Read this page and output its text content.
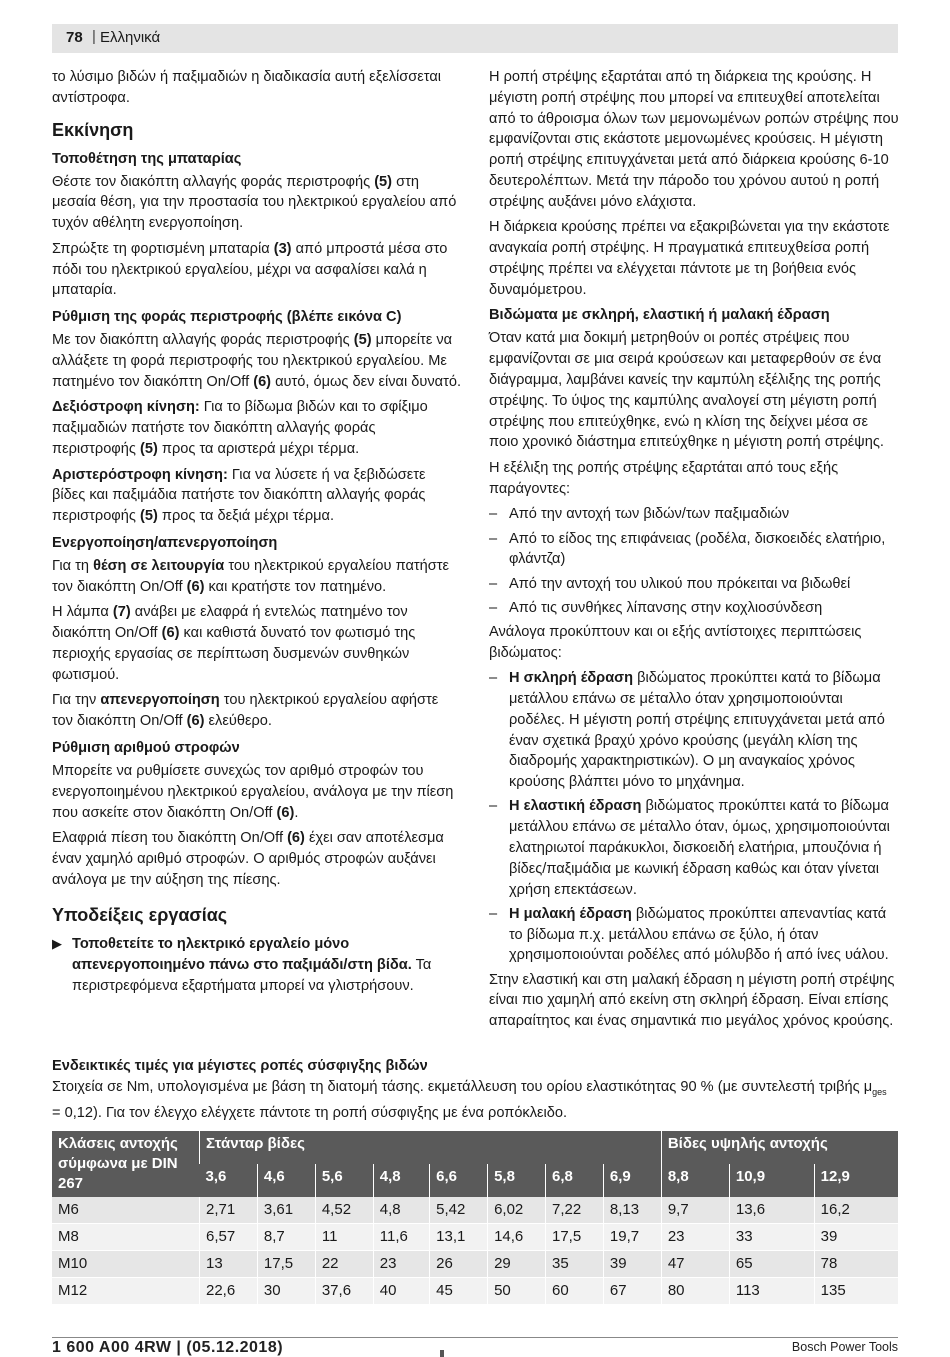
78 | Ελληνικά

το λύσιμο βιδών ή παξιμαδιών η διαδικασία αυτή εξελίσσεται αντίστροφα.

Εκκίνηση
Τοποθέτηση της μπαταρίας

Θέστε τον διακόπτη αλλαγής φοράς περιστροφής (5) στη μεσαία θέση, για την προστασία του ηλεκτρικού εργαλείου από τυχόν αθέλητη ενεργοποίηση.

Σπρώξτε τη φορτισμένη μπαταρία (3) από μπροστά μέσα στο πόδι του ηλεκτρικού εργαλείου, μέχρι να ασφαλίσει καλά η μπαταρία.

Ρύθμιση της φοράς περιστροφής (βλέπε εικόνα C)

Με τον διακόπτη αλλαγής φοράς περιστροφής (5) μπορείτε να αλλάξετε τη φορά περιστροφής του ηλεκτρικού εργαλείου. Με πατημένο τον διακόπτη On/Off (6) αυτό, όμως δεν είναι δυνατό.

Δεξιόστροφη κίνηση: Για το βίδωμα βιδών και το σφίξιμο παξιμαδιών πατήστε τον διακόπτη αλλαγής φοράς περιστροφής (5) προς τα αριστερά μέχρι τέρμα.

Αριστερόστροφη κίνηση: Για να λύσετε ή να ξεβιδώσετε βίδες και παξιμάδια πατήστε τον διακόπτη αλλαγής φοράς περιστροφής (5) προς τα δεξιά μέχρι τέρμα.

Ενεργοποίηση/απενεργοποίηση

Για τη θέση σε λειτουργία του ηλεκτρικού εργαλείου πατήστε τον διακόπτη On/Off (6) και κρατήστε τον πατημένο.

Η λάμπα (7) ανάβει με ελαφρά ή εντελώς πατημένο τον διακόπτη On/Off (6) και καθιστά δυνατό τον φωτισμό της περιοχής εργασίας σε περίπτωση δυσμενών συνθηκών φωτισμού.

Για την απενεργοποίηση του ηλεκτρικού εργαλείου αφήστε τον διακόπτη On/Off (6) ελεύθερο.

Ρύθμιση αριθμού στροφών

Μπορείτε να ρυθμίσετε συνεχώς τον αριθμό στροφών του ενεργοποιημένου ηλεκτρικού εργαλείου, ανάλογα με την πίεση που ασκείτε στον διακόπτη On/Off (6).

Ελαφριά πίεση του διακόπτη On/Off (6) έχει σαν αποτέλεσμα έναν χαμηλό αριθμό στροφών. Ο αριθμός στροφών αυξάνει ανάλογα με την αύξηση της πίεσης.

Υποδείξεις εργασίας

▶ Τοποθετείτε το ηλεκτρικό εργαλείο μόνο απενεργοποιημένο πάνω στο παξιμάδι/στη βίδα. Τα περιστρεφόμενα εξαρτήματα μπορεί να γλιστρήσουν.

Η ροπή στρέψης εξαρτάται από τη διάρκεια της κρούσης. Η μέγιστη ροπή στρέψης που μπορεί να επιτευχθεί αποτελείται από το άθροισμα όλων των μεμονωμένων ροπών στρέψης που εμφανίζονται στις εκάστοτε μεμονωμένες κρούσεις. Η μέγιστη ροπή στρέψης επιτυγχάνεται μετά από διάρκεια κρούσης 6-10 δευτερολέπτων. Μετά την πάροδο του χρόνου αυτού η ροπή στρέψης αυξάνει μόνο ελάχιστα.

Η διάρκεια κρούσης πρέπει να εξακριβώνεται για την εκάστοτε αναγκαία ροπή στρέψης. Η πραγματικά επιτευχθείσα ροπή στρέψης πρέπει να ελέγχεται πάντοτε με τη βοήθεια ενός δυναμόμετρου.

Βιδώματα με σκληρή, ελαστική ή μαλακή έδραση

Όταν κατά μια δοκιμή μετρηθούν οι ροπές στρέψεις που εμφανίζονται σε μια σειρά κρούσεων και μεταφερθούν σε ένα διάγραμμα, λαμβάνει κανείς την καμπύλη εξέλιξης της ροπής στρέψης. Το ύψος της καμπύλης αναλογεί στη μέγιστη ροπή στρέψης που επιτεύχθηκε, ενώ η κλίση της δείχνει μέσα σε ποιο χρονικό διάστημα επιτεύχθηκε η μέγιστη ροπή στρέψης.

Η εξέλιξη της ροπής στρέψης εξαρτάται από τους εξής παράγοντες:

– Από την αντοχή των βιδών/των παξιμαδιών
– Από το είδος της επιφάνειας (ροδέλα, δισκοειδές ελατήριο, φλάντζα)
– Από την αντοχή του υλικού που πρόκειται να βιδωθεί
– Από τις συνθήκες λίπανσης στην κοχλιοσύνδεση

Ανάλογα προκύπτουν και οι εξής αντίστοιχες περιπτώσεις βιδώματος:

– Η σκληρή έδραση βιδώματος προκύπτει κατά το βίδωμα μετάλλου επάνω σε μέταλλο όταν χρησιμοποιούνται ροδέλες. Η μέγιστη ροπή στρέψης επιτυγχάνεται μετά από έναν σχετικά βραχύ χρόνο κρούσης (μεγάλη κλίση της διαδρομής χαρακτηριστικών). Ο μη αναγκαίος χρόνος κρούσης βλάπτει μόνο το μηχάνημα.
– Η ελαστική έδραση βιδώματος προκύπτει κατά το βίδωμα μετάλλου επάνω σε μέταλλο όταν, όμως, χρησιμοποιούνται ελατηριωτοί παράκυκλοι, δισκοειδή ελατήρια, μπουζόνια ή βίδες/παξιμάδια με κωνική έδραση καθώς και όταν γίνεται χρήση επεκτάσεων.
– Η μαλακή έδραση βιδώματος προκύπτει απεναντίας κατά το βίδωμα π.χ. μετάλλου επάνω σε ξύλο, ή όταν χρησιμοποιούνται ροδέλες από μόλυβδο ή από ίνες υάλου.

Στην ελαστική και στη μαλακή έδραση η μέγιστη ροπή στρέψης είναι πιο χαμηλή από εκείνη στη σκληρή έδραση. Είναι επίσης απαραίτητος και ένας σημαντικά πιο μεγάλος χρόνος κρούσης.

Ενδεικτικές τιμές για μέγιστες ροπές σύσφιγξης βιδών
Στοιχεία σε Nm, υπολογισμένα με βάση τη διατομή τάσης. εκμετάλλευση του ορίου ελαστικότητας 90 % (με συντελεστή τριβής $\mu_{ges} = 0,12$). Για τον έλεγχο ελέγχετε πάντοτε τη ροπή σύσφιγξης με ένα ροπόκλειδο.
Κλάσεις αντοχής σύμφωνα με DIN 267	Στάνταρ βίδες								Βίδες υψηλής αντοχής		
	3,6	4,6	5,6	4,8	6,6	5,8	6,8	6,9	8,8	10,9	12,9
M6	2,71	3,61	4,52	4,8	5,42	6,02	7,22	8,13	9,7	13,6	16,2
M8	6,57	8,7	11	11,6	13,1	14,6	17,5	19,7	23	33	39
M10	13	17,5	22	23	26	29	35	39	47	65	78
M12	22,6	30	37,6	40	45	50	60	67	80	113	135
1 600 A00 4RW | (05.12.2018)	Bosch Power Tools
